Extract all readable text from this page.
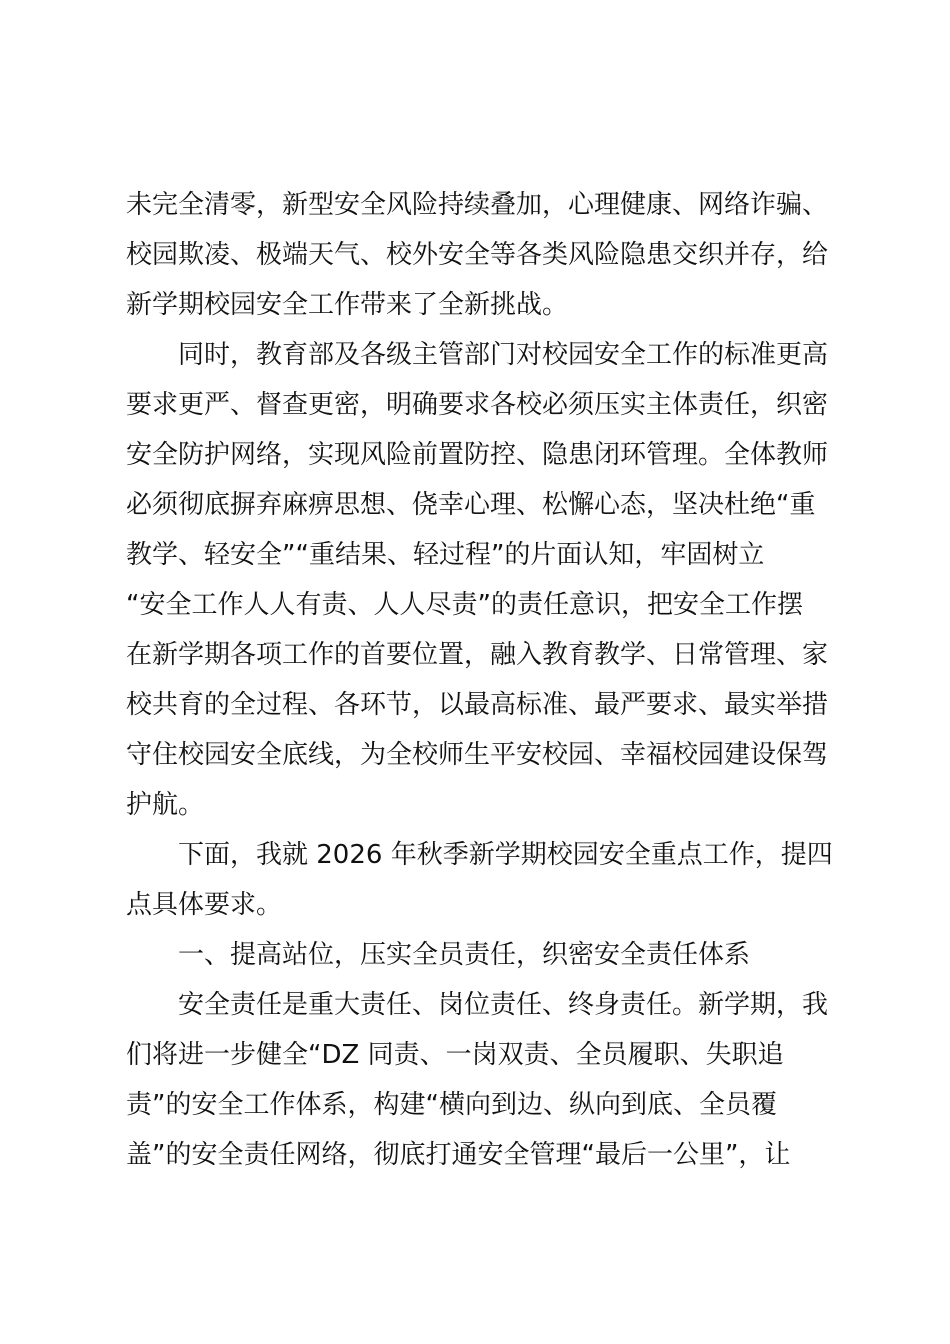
未完全清零，新型安全风险持续叠加，心理健康、网络诈骗、
校园欺凌、极端天气、校外安全等各类风险隐患交织并存，给
新学期校园安全工作带来了全新挑战。
同时，教育部及各级主管部门对校园安全工作的标准更高
要求更严、督查更密，明确要求各校必须压实主体责任，织密
安全防护网络，实现风险前置防控、隐患闭环管理。全体教师
必须彻底摒弃麻痹思想、侥幸心理、松懈心态，坚决杜绝“重
教学、轻安全”“重结果、轻过程”的片面认知，牢固树立
“安全工作人人有责、人人尽责”的责任意识，把安全工作摆
在新学期各项工作的首要位置，融入教育教学、日常管理、家
校共育的全过程、各环节，以最高标准、最严要求、最实举措
守住校园安全底线，为全校师生平安校园、幸福校园建设保驾
护航。
下面，我就 2026 年秋季新学期校园安全重点工作，提四
点具体要求。
一、提高站位，压实全员责任，织密安全责任体系
安全责任是重大责任、岗位责任、终身责任。新学期，我
们将进一步健全“DZ 同责、一岗双责、全员履职、失职追
责”的安全工作体系，构建“横向到边、纵向到底、全员覆
盖”的安全责任网络，彻底打通安全管理“最后一公里”，让
